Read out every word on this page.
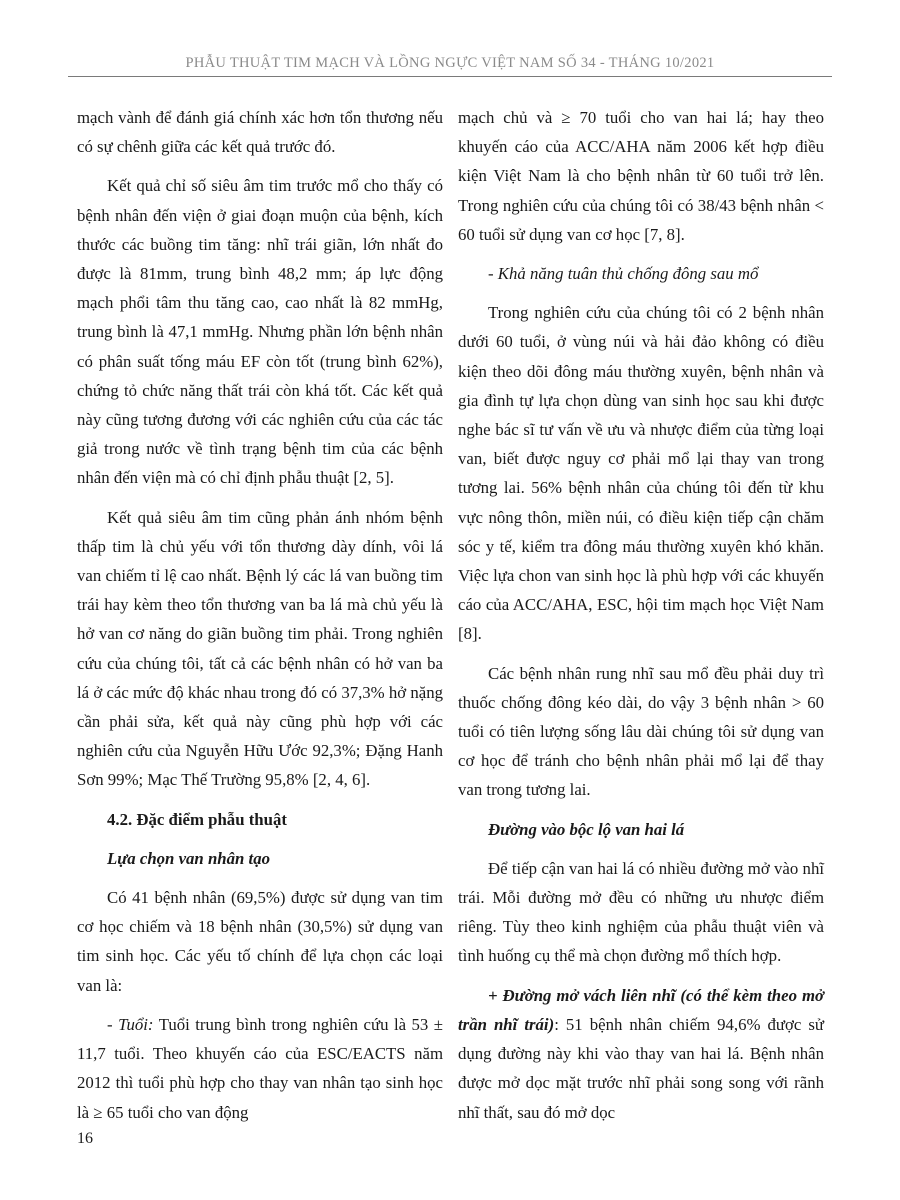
PHẪU THUẬT TIM MẠCH VÀ LỒNG NGỰC VIỆT NAM SỐ 34 - THÁNG 10/2021

mạch vành để đánh giá chính xác hơn tổn thương nếu có sự chênh giữa các kết quả trước đó.

Kết quả chỉ số siêu âm tim trước mổ cho thấy có bệnh nhân đến viện ở giai đoạn muộn của bệnh, kích thước các buồng tim tăng: nhĩ trái giãn, lớn nhất đo được là 81mm, trung bình 48,2 mm; áp lực động mạch phổi tâm thu tăng cao, cao nhất là 82 mmHg, trung bình là 47,1 mmHg. Nhưng phần lớn bệnh nhân có phân suất tống máu EF còn tốt (trung bình 62%), chứng tỏ chức năng thất trái còn khá tốt. Các kết quả này cũng tương đương với các nghiên cứu của các tác giả trong nước về tình trạng bệnh tim của các bệnh nhân đến viện mà có chỉ định phẫu thuật [2, 5].

Kết quả siêu âm tim cũng phản ánh nhóm bệnh thấp tim là chủ yếu với tổn thương dày dính, vôi lá van chiếm tỉ lệ cao nhất. Bệnh lý các lá van buồng tim trái hay kèm theo tổn thương van ba lá mà chủ yếu là hở van cơ năng do giãn buồng tim phải. Trong nghiên cứu của chúng tôi, tất cả các bệnh nhân có hở van ba lá ở các mức độ khác nhau trong đó có 37,3% hở nặng cần phải sửa, kết quả này cũng phù hợp với các nghiên cứu của Nguyễn Hữu Ước 92,3%; Đặng Hanh Sơn 99%; Mạc Thế Trường 95,8% [2, 4, 6].

4.2. Đặc điểm phẫu thuật

Lựa chọn van nhân tạo

Có 41 bệnh nhân (69,5%) được sử dụng van tim cơ học chiếm và 18 bệnh nhân (30,5%) sử dụng van tim sinh học. Các yếu tố chính để lựa chọn các loại van là:

- Tuổi: Tuổi trung bình trong nghiên cứu là 53 ± 11,7 tuổi. Theo khuyến cáo của ESC/EACTS năm 2012 thì tuổi phù hợp cho thay van nhân tạo sinh học là ≥ 65 tuổi cho van động

mạch chủ và ≥ 70 tuổi cho van hai lá; hay theo khuyến cáo của ACC/AHA năm 2006 kết hợp điều kiện Việt Nam là cho bệnh nhân từ 60 tuổi trở lên. Trong nghiên cứu của chúng tôi có 38/43 bệnh nhân < 60 tuổi sử dụng van cơ học [7, 8].

- Khả năng tuân thủ chống đông sau mổ

Trong nghiên cứu của chúng tôi có 2 bệnh nhân dưới 60 tuổi, ở vùng núi và hải đảo không có điều kiện theo dõi đông máu thường xuyên, bệnh nhân và gia đình tự lựa chọn dùng van sinh học sau khi được nghe bác sĩ tư vấn về ưu và nhược điểm của từng loại van, biết được nguy cơ phải mổ lại thay van trong tương lai. 56% bệnh nhân của chúng tôi đến từ khu vực nông thôn, miền núi, có điều kiện tiếp cận chăm sóc y tế, kiểm tra đông máu thường xuyên khó khăn. Việc lựa chon van sinh học là phù hợp với các khuyến cáo của ACC/AHA, ESC, hội tim mạch học Việt Nam [8].

Các bệnh nhân rung nhĩ sau mổ đều phải duy trì thuốc chống đông kéo dài, do vậy 3 bệnh nhân > 60 tuổi có tiên lượng sống lâu dài chúng tôi sử dụng van cơ học để tránh cho bệnh nhân phải mổ lại để thay van trong tương lai.

Đường vào bộc lộ van hai lá

Để tiếp cận van hai lá có nhiều đường mở vào nhĩ trái. Mỗi đường mở đều có những ưu nhược điểm riêng. Tùy theo kinh nghiệm của phẫu thuật viên và tình huống cụ thể mà chọn đường mổ thích hợp.

+ Đường mở vách liên nhĩ (có thể kèm theo mở trần nhĩ trái): 51 bệnh nhân chiếm 94,6% được sử dụng đường này khi vào thay van hai lá. Bệnh nhân được mở dọc mặt trước nhĩ phải song song với rãnh nhĩ thất, sau đó mở dọc

16
